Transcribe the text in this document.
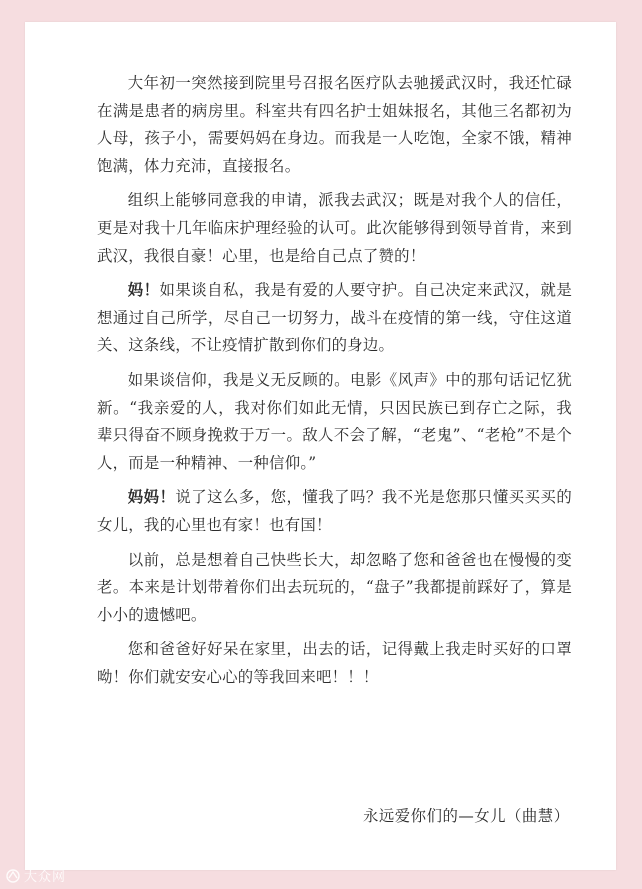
大年初一突然接到院里号召报名医疗队去驰援武汉时，我还忙碌在满是患者的病房里。科室共有四名护士姐妹报名，其他三名都初为人母，孩子小，需要妈妈在身边。而我是一人吃饱，全家不饿，精神饱满，体力充沛，直接报名。

组织上能够同意我的申请，派我去武汉；既是对我个人的信任，更是对我十几年临床护理经验的认可。此次能够得到领导首肯，来到武汉，我很自豪！心里，也是给自己点了赞的！

妈！如果谈自私，我是有爱的人要守护。自己决定来武汉，就是想通过自己所学，尽自己一切努力，战斗在疫情的第一线，守住这道关、这条线，不让疫情扩散到你们的身边。

如果谈信仰，我是义无反顾的。电影《风声》中的那句话记忆犹新。“我亲爱的人，我对你们如此无情，只因民族已到存亡之际，我辈只得奋不顾身挽救于万一。敌人不会了解，“老鬼”、“老枪”不是个人，而是一种精神、一种信仰。”

妈妈！说了这么多，您，懂我了吗？我不光是您那只懂买买买的女儿，我的心里也有家！也有国！

以前，总是想着自己快些长大，却忽略了您和爸爸也在慢慢的变老。本来是计划带着你们出去玩玩的，“盘子”我都提前踩好了，算是小小的遗憾吧。

您和爸爸好好呆在家里，出去的话，记得戴上我走时买好的口罩呦！你们就安安心心的等我回来吧！！！

永远爱你们的—女儿（曲慧）
大众网
